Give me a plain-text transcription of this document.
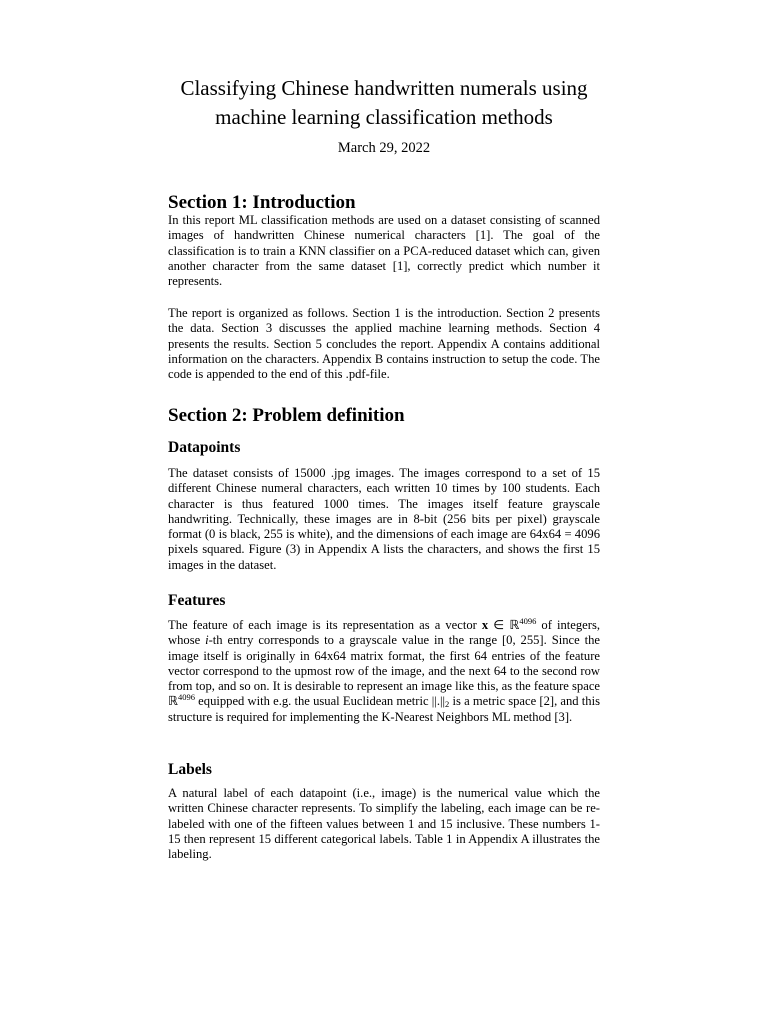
Classifying Chinese handwritten numerals using machine learning classification methods
March 29, 2022
Section 1: Introduction

In this report ML classification methods are used on a dataset consisting of scanned images of handwritten Chinese numerical characters [1]. The goal of the classification is to train a KNN classifier on a PCA-reduced dataset which can, given another character from the same dataset [1], correctly predict which number it represents.

The report is organized as follows. Section 1 is the introduction. Section 2 presents the data. Section 3 discusses the applied machine learning methods. Section 4 presents the results. Section 5 concludes the report. Appendix A contains additional information on the characters. Appendix B contains instruction to setup the code. The code is appended to the end of this .pdf-file.

Section 2: Problem definition
Datapoints

The dataset consists of 15000 .jpg images. The images correspond to a set of 15 different Chinese numeral characters, each written 10 times by 100 students. Each character is thus featured 1000 times. The images itself feature grayscale handwriting. Technically, these images are in 8-bit (256 bits per pixel) grayscale format (0 is black, 255 is white), and the dimensions of each image are 64x64 = 4096 pixels squared. Figure (3) in Appendix A lists the characters, and shows the first 15 images in the dataset.

Features

The feature of each image is its representation as a vector x ∈ ℝ$^{4096}$ of integers, whose i-th entry corresponds to a grayscale value in the range [0, 255]. Since the image itself is originally in 64x64 matrix format, the first 64 entries of the feature vector correspond to the upmost row of the image, and the next 64 to the second row from top, and so on. It is desirable to represent an image like this, as the feature space ℝ$^{4096}$ equipped with e.g. the usual Euclidean metric $||.||_2$ is a metric space [2], and this structure is required for implementing the K-Nearest Neighbors ML method [3].

Labels

A natural label of each datapoint (i.e., image) is the numerical value which the written Chinese character represents. To simplify the labeling, each image can be re-labeled with one of the fifteen values between 1 and 15 inclusive. These numbers 1-15 then represent 15 different categorical labels. Table 1 in Appendix A illustrates the labeling.
